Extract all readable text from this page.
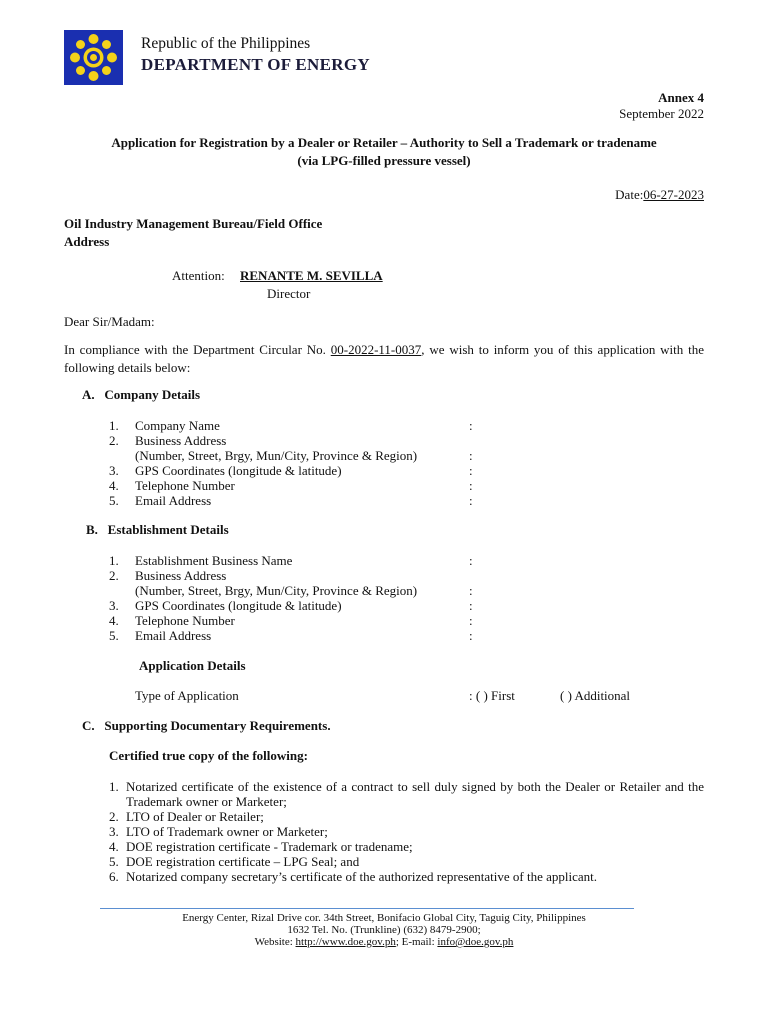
Republic of the Philippines
DEPARTMENT OF ENERGY
Annex 4
September 2022
Application for Registration by a Dealer or Retailer – Authority to Sell a Trademark or tradename
(via LPG-filled pressure vessel)
Date:06-27-2023
Oil Industry Management Bureau/Field Office
Address
Attention: RENANTE M. SEVILLA
Director
Dear Sir/Madam:
In compliance with the Department Circular No. 00-2022-11-0037, we wish to inform you of this application with the following details below:
A.   Company Details
1.	Company Name	:
2.	Business Address
(Number, Street, Brgy, Mun/City, Province & Region)	:
3.	GPS Coordinates (longitude & latitude)	:
4.	Telephone Number	:
5.	Email Address	:
B.   Establishment Details
1.	Establishment Business Name	:
2.	Business Address
(Number, Street, Brgy, Mun/City, Province & Region)	:
3.	GPS Coordinates (longitude & latitude)	:
4.	Telephone Number	:
5.	Email Address	:
Application Details
Type of Application	: ( ) First	( ) Additional
C.   Supporting Documentary Requirements.
Certified true copy of the following:
1. Notarized certificate of the existence of a contract to sell duly signed by both the Dealer or Retailer and the Trademark owner or Marketer;
2. LTO of Dealer or Retailer;
3. LTO of Trademark owner or Marketer;
4. DOE registration certificate - Trademark or tradename;
5. DOE registration certificate – LPG Seal; and
6. Notarized company secretary’s certificate of the authorized representative of the applicant.
Energy Center, Rizal Drive cor. 34th Street, Bonifacio Global City, Taguig City, Philippines
1632 Tel. No. (Trunkline) (632) 8479-2900;
Website: http://www.doe.gov.ph; E-mail: info@doe.gov.ph
